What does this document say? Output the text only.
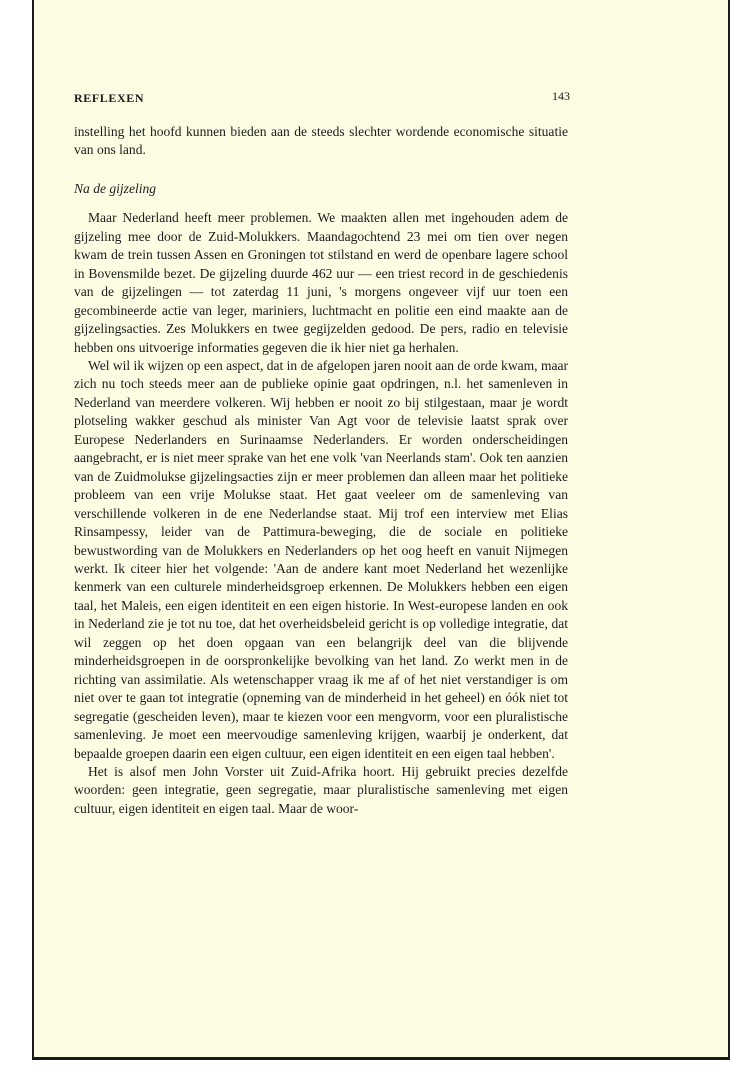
REFLEXEN	143

instelling het hoofd kunnen bieden aan de steeds slechter wordende economische situatie van ons land.

Na de gijzeling

Maar Nederland heeft meer problemen. We maakten allen met ingehouden adem de gijzeling mee door de Zuid-Molukkers. Maandagochtend 23 mei om tien over negen kwam de trein tussen Assen en Groningen tot stilstand en werd de openbare lagere school in Bovensmilde bezet. De gijzeling duurde 462 uur — een triest record in de geschiedenis van de gijzelingen — tot zaterdag 11 juni, 's morgens ongeveer vijf uur toen een gecombineerde actie van leger, mariniers, luchtmacht en politie een eind maakte aan de gijzelingsacties. Zes Molukkers en twee gegijzelden gedood. De pers, radio en televisie hebben ons uitvoerige informaties gegeven die ik hier niet ga herhalen.

Wel wil ik wijzen op een aspect, dat in de afgelopen jaren nooit aan de orde kwam, maar zich nu toch steeds meer aan de publieke opinie gaat opdringen, n.l. het samenleven in Nederland van meerdere volkeren. Wij hebben er nooit zo bij stilgestaan, maar je wordt plotseling wakker geschud als minister Van Agt voor de televisie laatst sprak over Europese Nederlanders en Surinaamse Nederlanders. Er worden onderscheidingen aangebracht, er is niet meer sprake van het ene volk 'van Neerlands stam'. Ook ten aanzien van de Zuidmolukse gijzelingsacties zijn er meer problemen dan alleen maar het politieke probleem van een vrije Molukse staat. Het gaat veeleer om de samenleving van verschillende volkeren in de ene Nederlandse staat. Mij trof een interview met Elias Rinsampessy, leider van de Pattimura-beweging, die de sociale en politieke bewustwording van de Molukkers en Nederlanders op het oog heeft en vanuit Nijmegen werkt. Ik citeer hier het volgende: 'Aan de andere kant moet Nederland het wezenlijke kenmerk van een culturele minderheidsgroep erkennen. De Molukkers hebben een eigen taal, het Maleis, een eigen identiteit en een eigen historie. In West-europese landen en ook in Nederland zie je tot nu toe, dat het overheidsbeleid gericht is op volledige integratie, dat wil zeggen op het doen opgaan van een belangrijk deel van die blijvende minderheidsgroepen in de oorspronkelijke bevolking van het land. Zo werkt men in de richting van assimilatie. Als wetenschapper vraag ik me af of het niet verstandiger is om niet over te gaan tot integratie (opneming van de minderheid in het geheel) en óók niet tot segregatie (gescheiden leven), maar te kiezen voor een mengvorm, voor een pluralistische samenleving. Je moet een meervoudige samenleving krijgen, waarbij je onderkent, dat bepaalde groepen daarin een eigen cultuur, een eigen identiteit en een eigen taal hebben'.

Het is alsof men John Vorster uit Zuid-Afrika hoort. Hij gebruikt precies dezelfde woorden: geen integratie, geen segregatie, maar pluralistische samenleving met eigen cultuur, eigen identiteit en eigen taal. Maar de woor-
